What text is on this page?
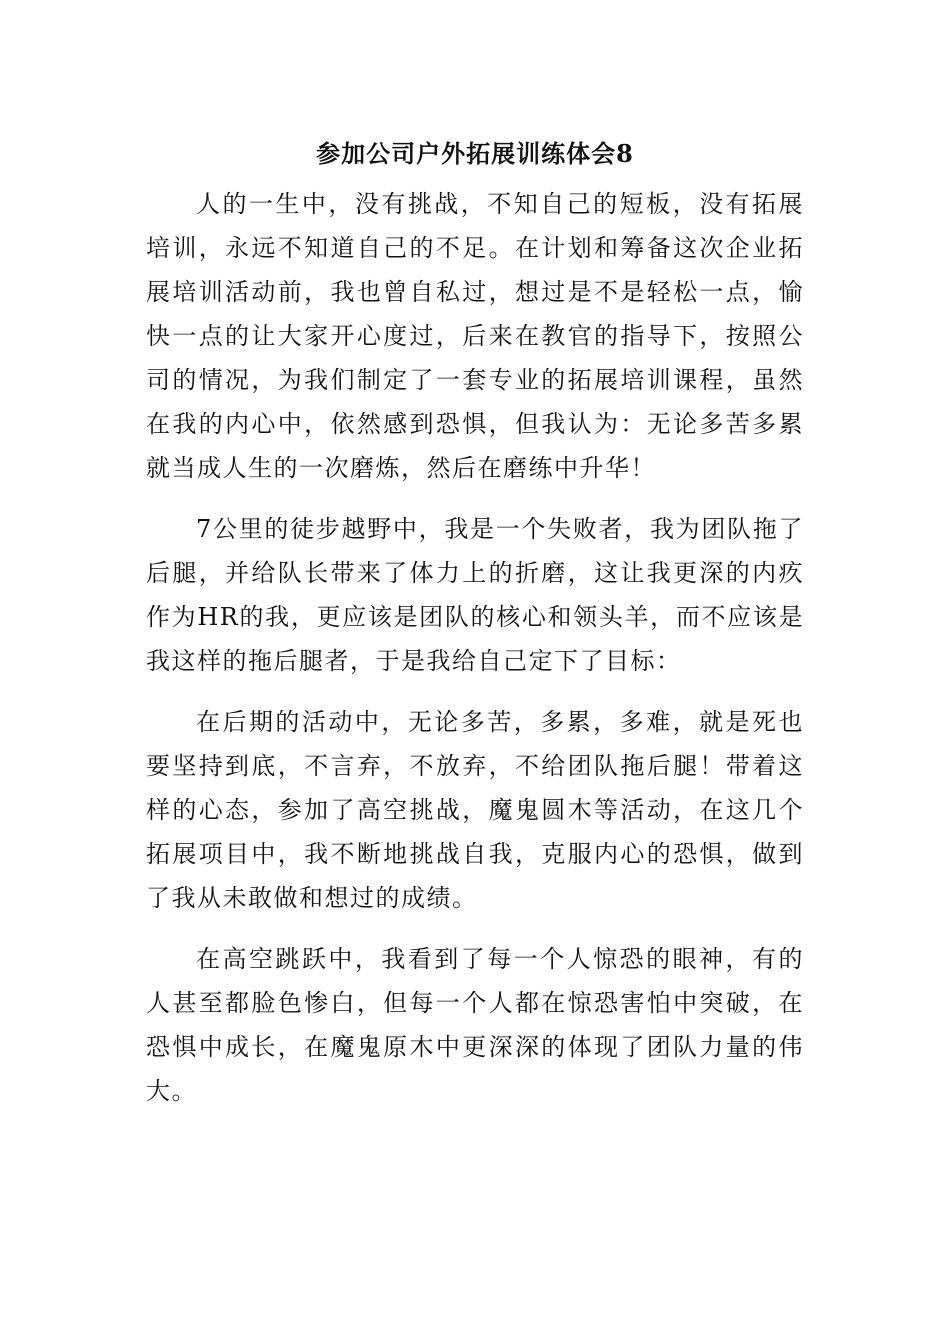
参加公司户外拓展训练体会8

人的一生中，没有挑战，不知自己的短板，没有拓展培训，永远不知道自己的不足。在计划和筹备这次企业拓展培训活动前，我也曾自私过，想过是不是轻松一点，愉快一点的让大家开心度过，后来在教官的指导下，按照公司的情况，为我们制定了一套专业的拓展培训课程，虽然在我的内心中，依然感到恐惧，但我认为：无论多苦多累就当成人生的一次磨炼，然后在磨练中升华！

7公里的徒步越野中，我是一个失败者，我为团队拖了后腿，并给队长带来了体力上的折磨，这让我更深的内疚作为HR的我，更应该是团队的核心和领头羊，而不应该是我这样的拖后腿者，于是我给自己定下了目标：

在后期的活动中，无论多苦，多累，多难，就是死也要坚持到底，不言弃，不放弃，不给团队拖后腿！带着这样的心态，参加了高空挑战，魔鬼圆木等活动，在这几个拓展项目中，我不断地挑战自我，克服内心的恐惧，做到了我从未敢做和想过的成绩。

在高空跳跃中，我看到了每一个人惊恐的眼神，有的人甚至都脸色惨白，但每一个人都在惊恐害怕中突破，在恐惧中成长，在魔鬼原木中更深深的体现了团队力量的伟大。
